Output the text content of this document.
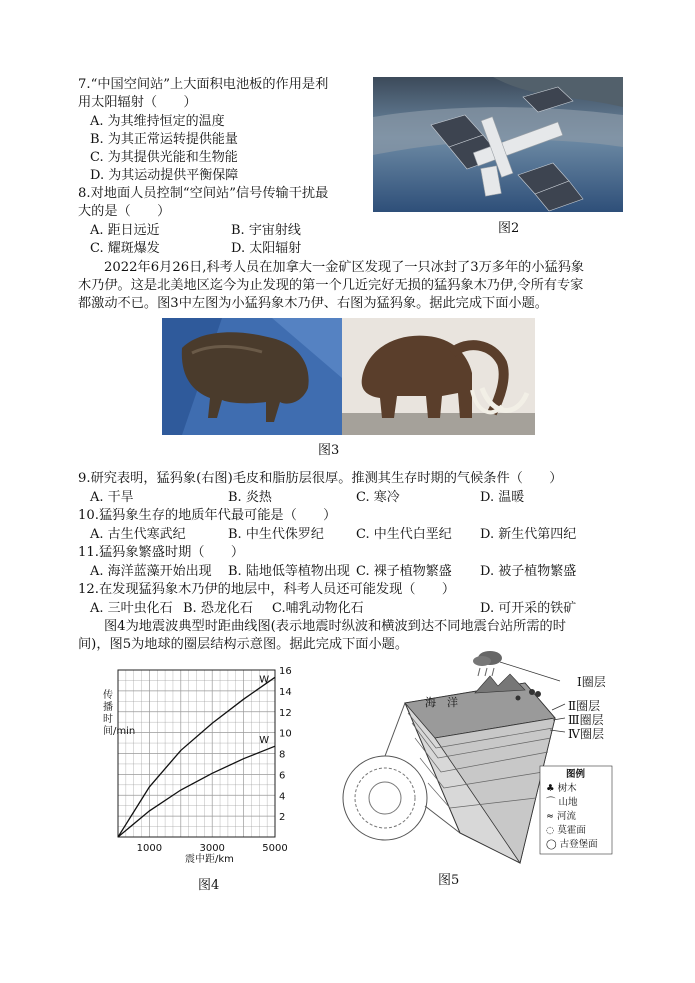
7.“中国空间站”上大面积电池板的作用是利
用太阳辐射（　　）
A. 为其维持恒定的温度
B. 为其正常运转提供能量
C. 为其提供光能和生物能
D. 为其运动提供平衡保障
8.对地面人员控制“空间站”信号传输干扰最
大的是（　　）
A. 距日远近	B. 宇宙射线
C. 耀斑爆发	D. 太阳辐射
图2
2022年6月26日,科考人员在加拿大一金矿区发现了一只冰封了3万多年的小猛犸象
木乃伊。这是北美地区迄今为止发现的第一个几近完好无损的猛犸象木乃伊,令所有专家
都激动不已。图3中左图为小猛犸象木乃伊、右图为猛犸象。据此完成下面小题。
图3
9.研究表明，猛犸象(右图)毛皮和脂肪层很厚。推测其生存时期的气候条件（　　）
A. 干旱	B. 炎热	C. 寒冷	D. 温暖
10.猛犸象生存的地质年代最可能是（　　）
A. 古生代寒武纪	B. 中生代侏罗纪 C. 中生代白垩纪 D. 新生代第四纪
11.猛犸象繁盛时期（　　）
A. 海洋蓝藻开始出现 B. 陆地低等植物出现 C. 裸子植物繁盛 D. 被子植物繁盛
12.在发现猛犸象木乃伊的地层中，科考人员还可能发现（　　）
A. 三叶虫化石 B. 恐龙化石 C.哺乳动物化石	D. 可开采的铁矿
图4为地震波典型时距曲线图(表示地震时纵波和横波到达不同地震台站所需的时
间)，图5为地球的圈层结构示意图。据此完成下面小题。
2
4
6
8
10
12
14
16
1000	3000	5000
W
W
传播时间/min
震中距/km
图4
海　洋
Ⅰ圈层
Ⅱ圈层
Ⅲ圈层
Ⅳ圈层
图例
♣ 树木
⌒ 山地
≈ 河流
◌ 莫霍面
◯ 古登堡面
图5
